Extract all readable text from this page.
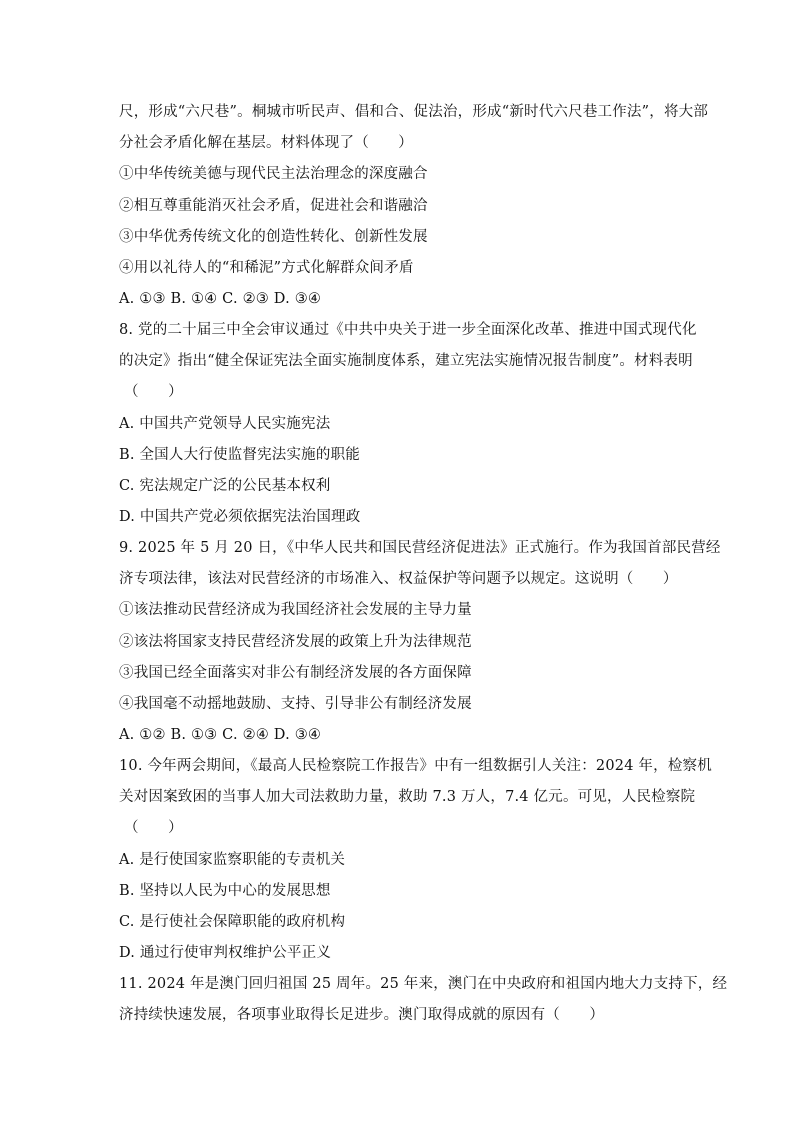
尺，形成“六尺巷”。桐城市听民声、倡和合、促法治，形成“新时代六尺巷工作法”，将大部
分社会矛盾化解在基层。材料体现了（　　）
①中华传统美德与现代民主法治理念的深度融合
②相互尊重能消灭社会矛盾，促进社会和谐融洽
③中华优秀传统文化的创造性转化、创新性发展
④用以礼待人的“和稀泥”方式化解群众间矛盾
A. ①③ B. ①④ C. ②③ D. ③④
8. 党的二十届三中全会审议通过《中共中央关于进一步全面深化改革、推进中国式现代化
的决定》指出“健全保证宪法全面实施制度体系，建立宪法实施情况报告制度”。材料表明
（　　）
A. 中国共产党领导人民实施宪法
B. 全国人大行使监督宪法实施的职能
C. 宪法规定广泛的公民基本权利
D. 中国共产党必须依据宪法治国理政
9. 2025 年 5 月 20 日，《中华人民共和国民营经济促进法》正式施行。作为我国首部民营经
济专项法律，该法对民营经济的市场准入、权益保护等问题予以规定。这说明（　　）
①该法推动民营经济成为我国经济社会发展的主导力量
②该法将国家支持民营经济发展的政策上升为法律规范
③我国已经全面落实对非公有制经济发展的各方面保障
④我国毫不动摇地鼓励、支持、引导非公有制经济发展
A. ①② B. ①③ C. ②④ D. ③④
10. 今年两会期间，《最高人民检察院工作报告》中有一组数据引人关注：2024 年，检察机
关对因案致困的当事人加大司法救助力量，救助 7.3 万人，7.4 亿元。可见，人民检察院
（　　）
A. 是行使国家监察职能的专责机关
B. 坚持以人民为中心的发展思想
C. 是行使社会保障职能的政府机构
D. 通过行使审判权维护公平正义
11. 2024 年是澳门回归祖国 25 周年。25 年来，澳门在中央政府和祖国内地大力支持下，经
济持续快速发展，各项事业取得长足进步。澳门取得成就的原因有（　　）
